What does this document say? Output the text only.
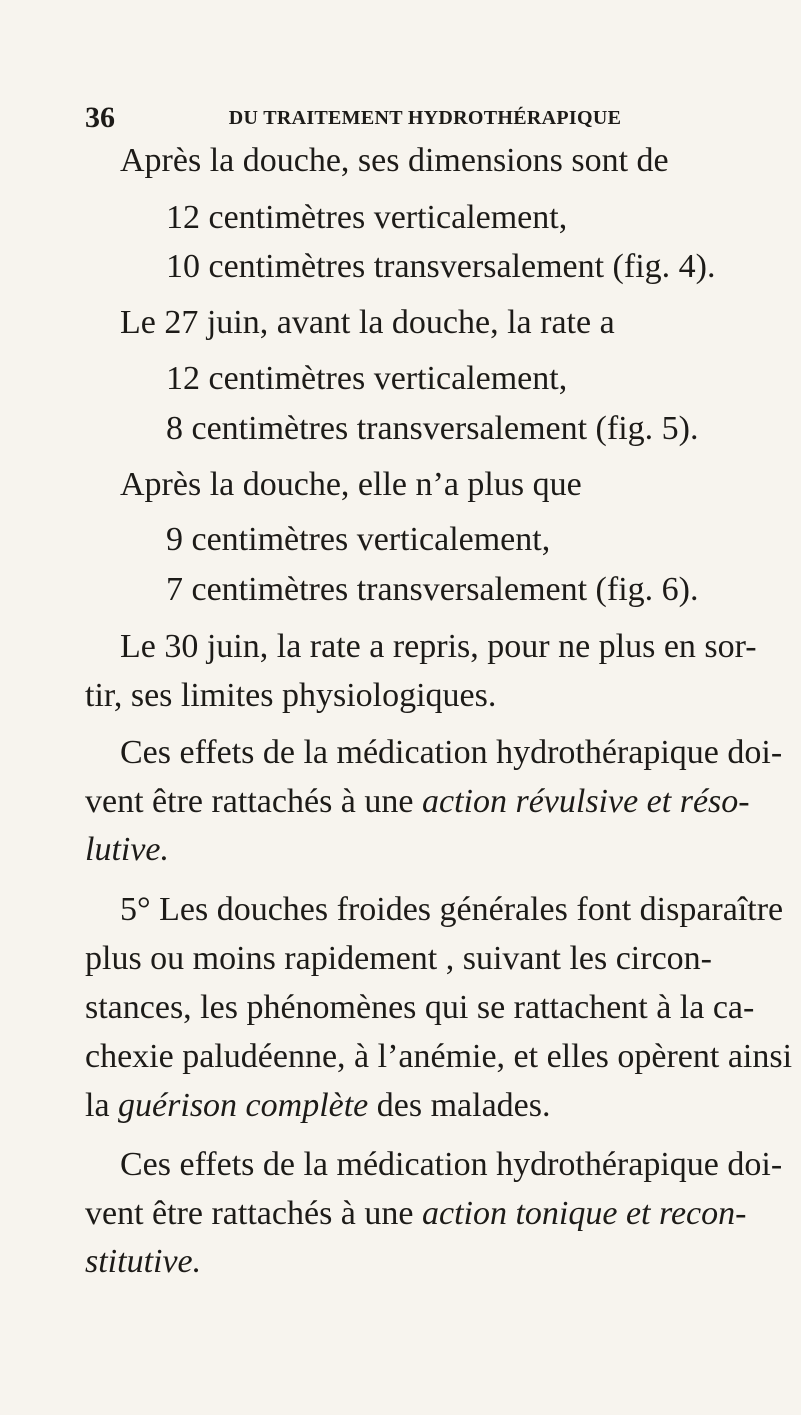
36	DU TRAITEMENT HYDROTHÉRAPIQUE
Après la douche, ses dimensions sont de
12 centimètres verticalement,
10 centimètres transversalement (fig. 4).
Le 27 juin, avant la douche, la rate a
12 centimètres verticalement,
8 centimètres transversalement (fig. 5).
Après la douche, elle n’a plus que
9 centimètres verticalement,
7 centimètres transversalement (fig. 6).
Le 30 juin, la rate a repris, pour ne plus en sor-
tir, ses limites physiologiques.
Ces effets de la médication hydrothérapique doi-
vent être rattachés à une action révulsive et réso-
lutive.
5° Les douches froides générales font disparaître
plus ou moins rapidement , suivant les circon-
stances, les phénomènes qui se rattachent à la ca-
chexie paludéenne, à l’anémie, et elles opèrent ainsi
la guérison complète des malades.
Ces effets de la médication hydrothérapique doi-
vent être rattachés à une action tonique et recon-
stitutive.
